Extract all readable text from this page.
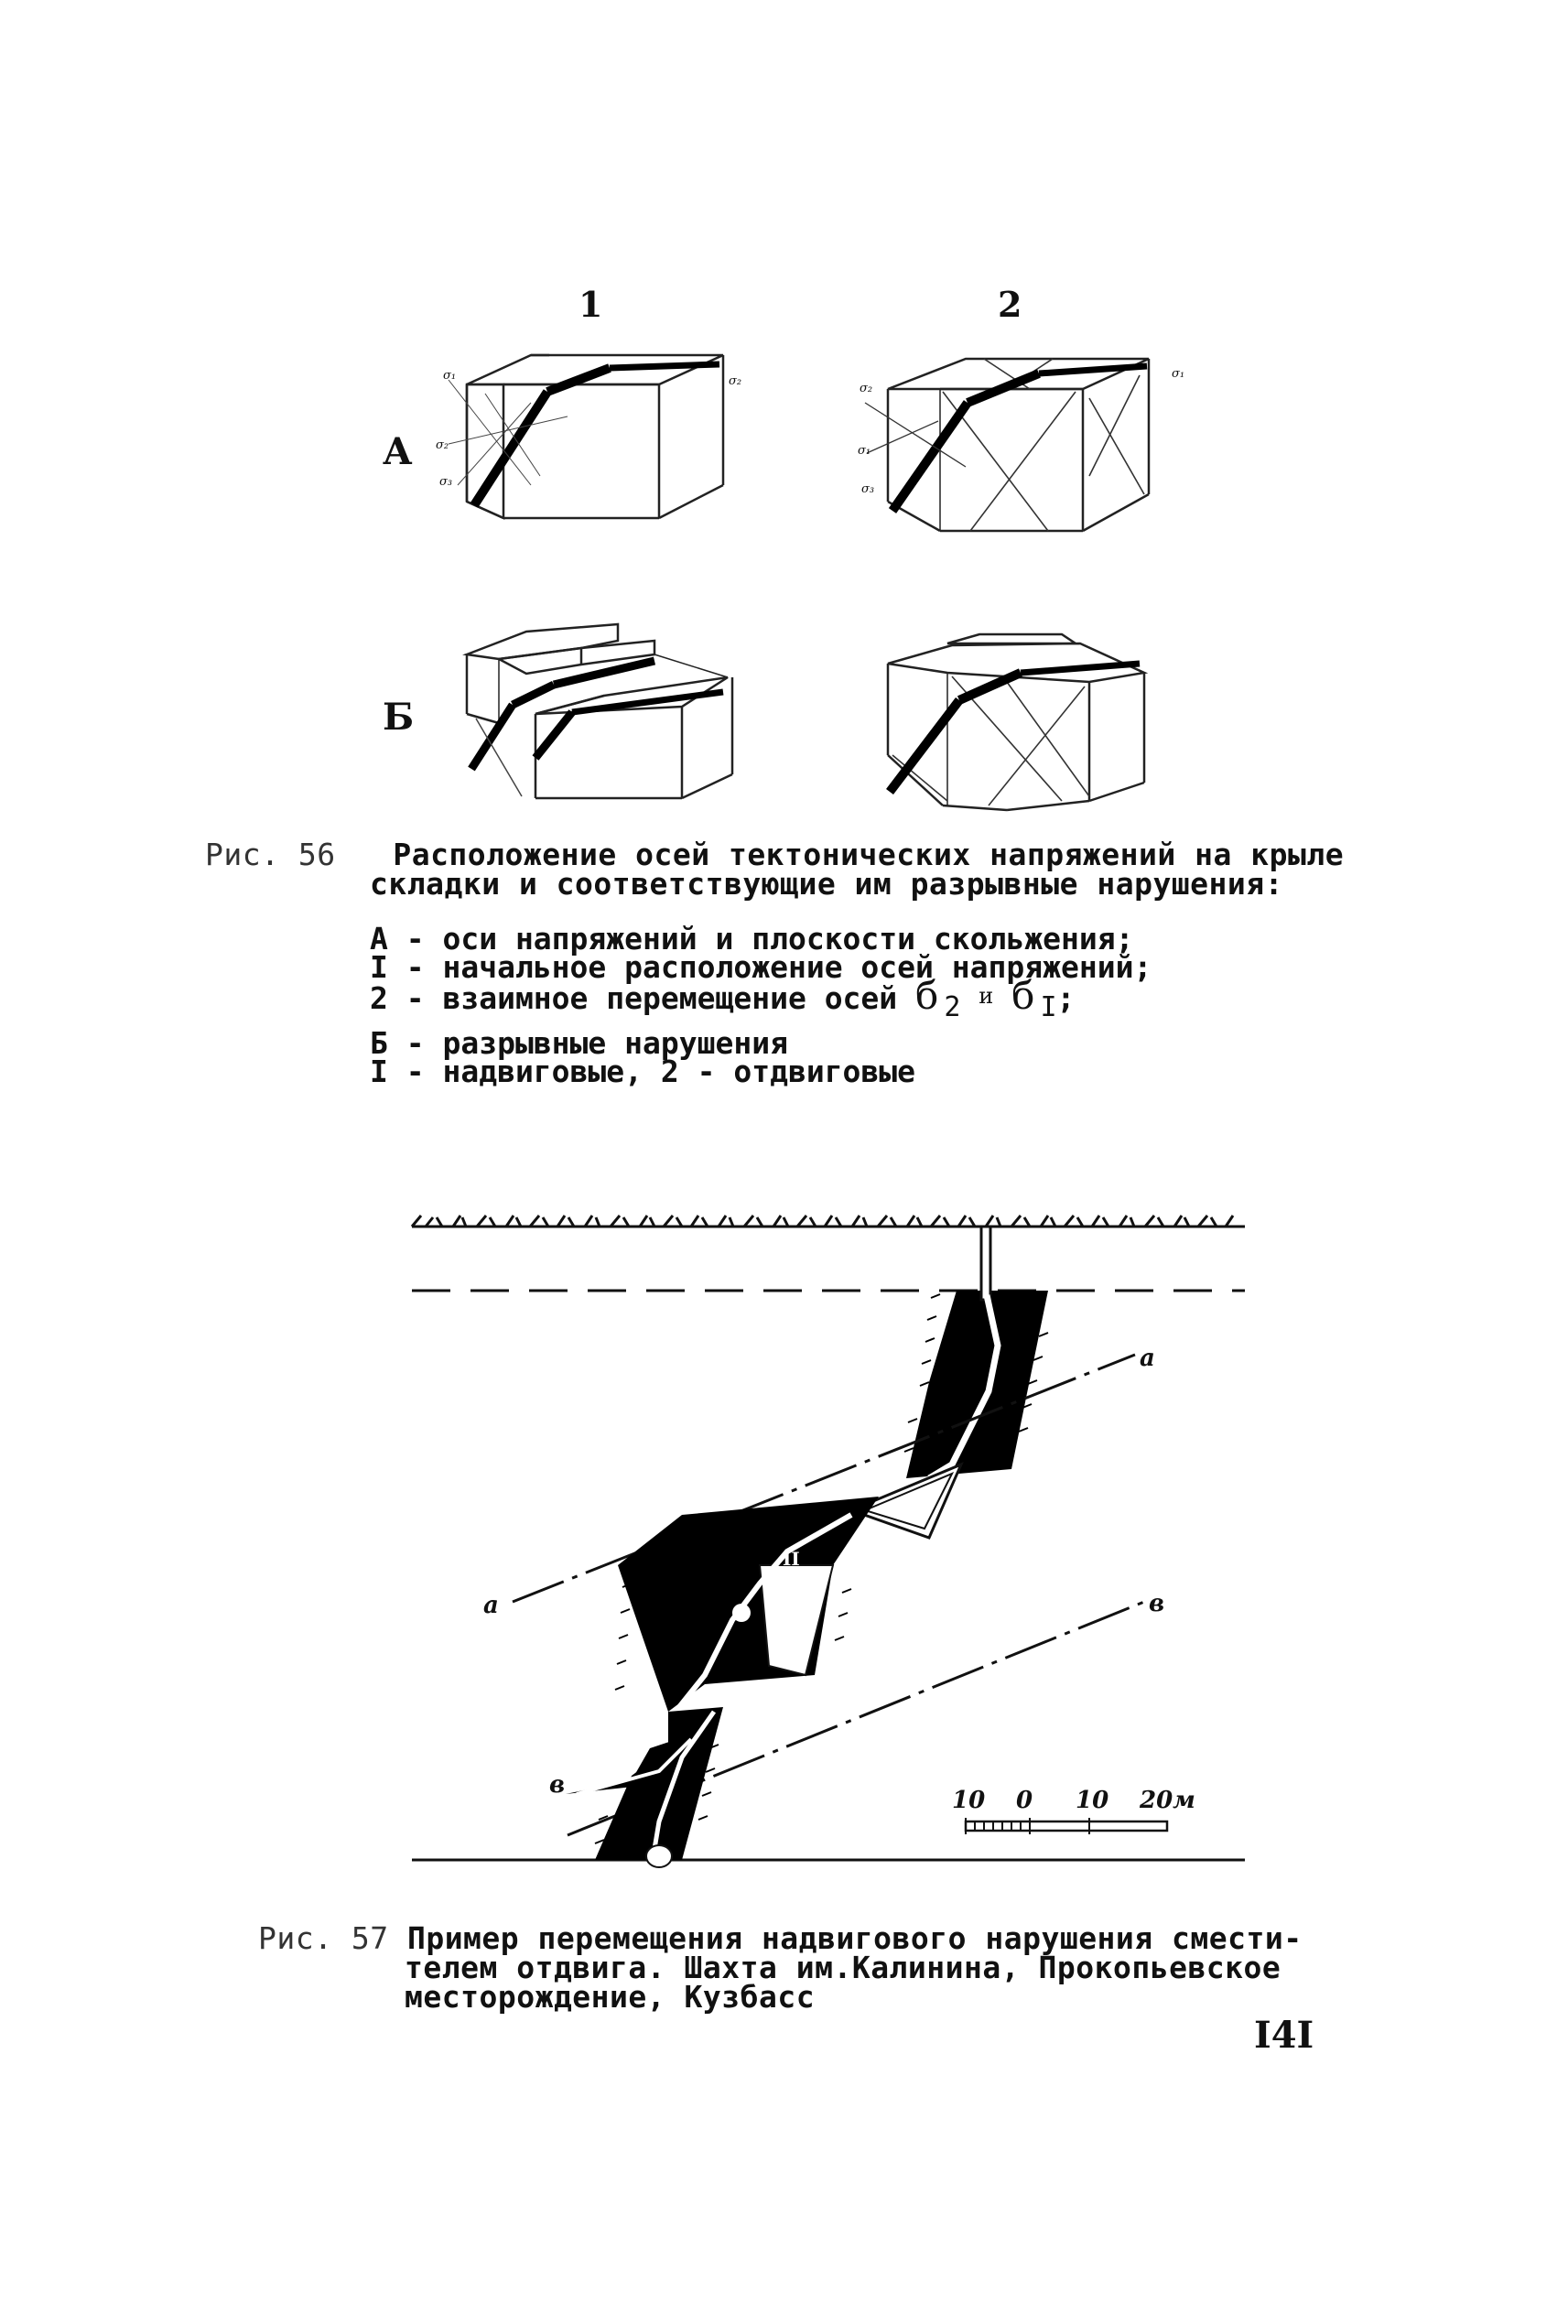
1	2
А
Б
σ₁	σ₂
σ₂
σ₃
σ₂
σ₁
σ₃
σ₁
Рис. 56 Расположение осей тектонических напряжений на крыле
складки и соответствующие им разрывные нарушения:
А - оси напряжений и плоскости скольжения;
I - начальное расположение осей напряжений;
2 - взаимное перемещение осей б 2 и б I;
Б - разрывные нарушения
I - надвиговые, 2 - отдвиговые
a
a
II
в
в
10 0 10 20м
Рис. 57 Пример перемещения надвигового нарушения смести-
телем отдвига. Шахта им.Калинина, Прокопьевское
месторождение, Кузбасс
I4I
